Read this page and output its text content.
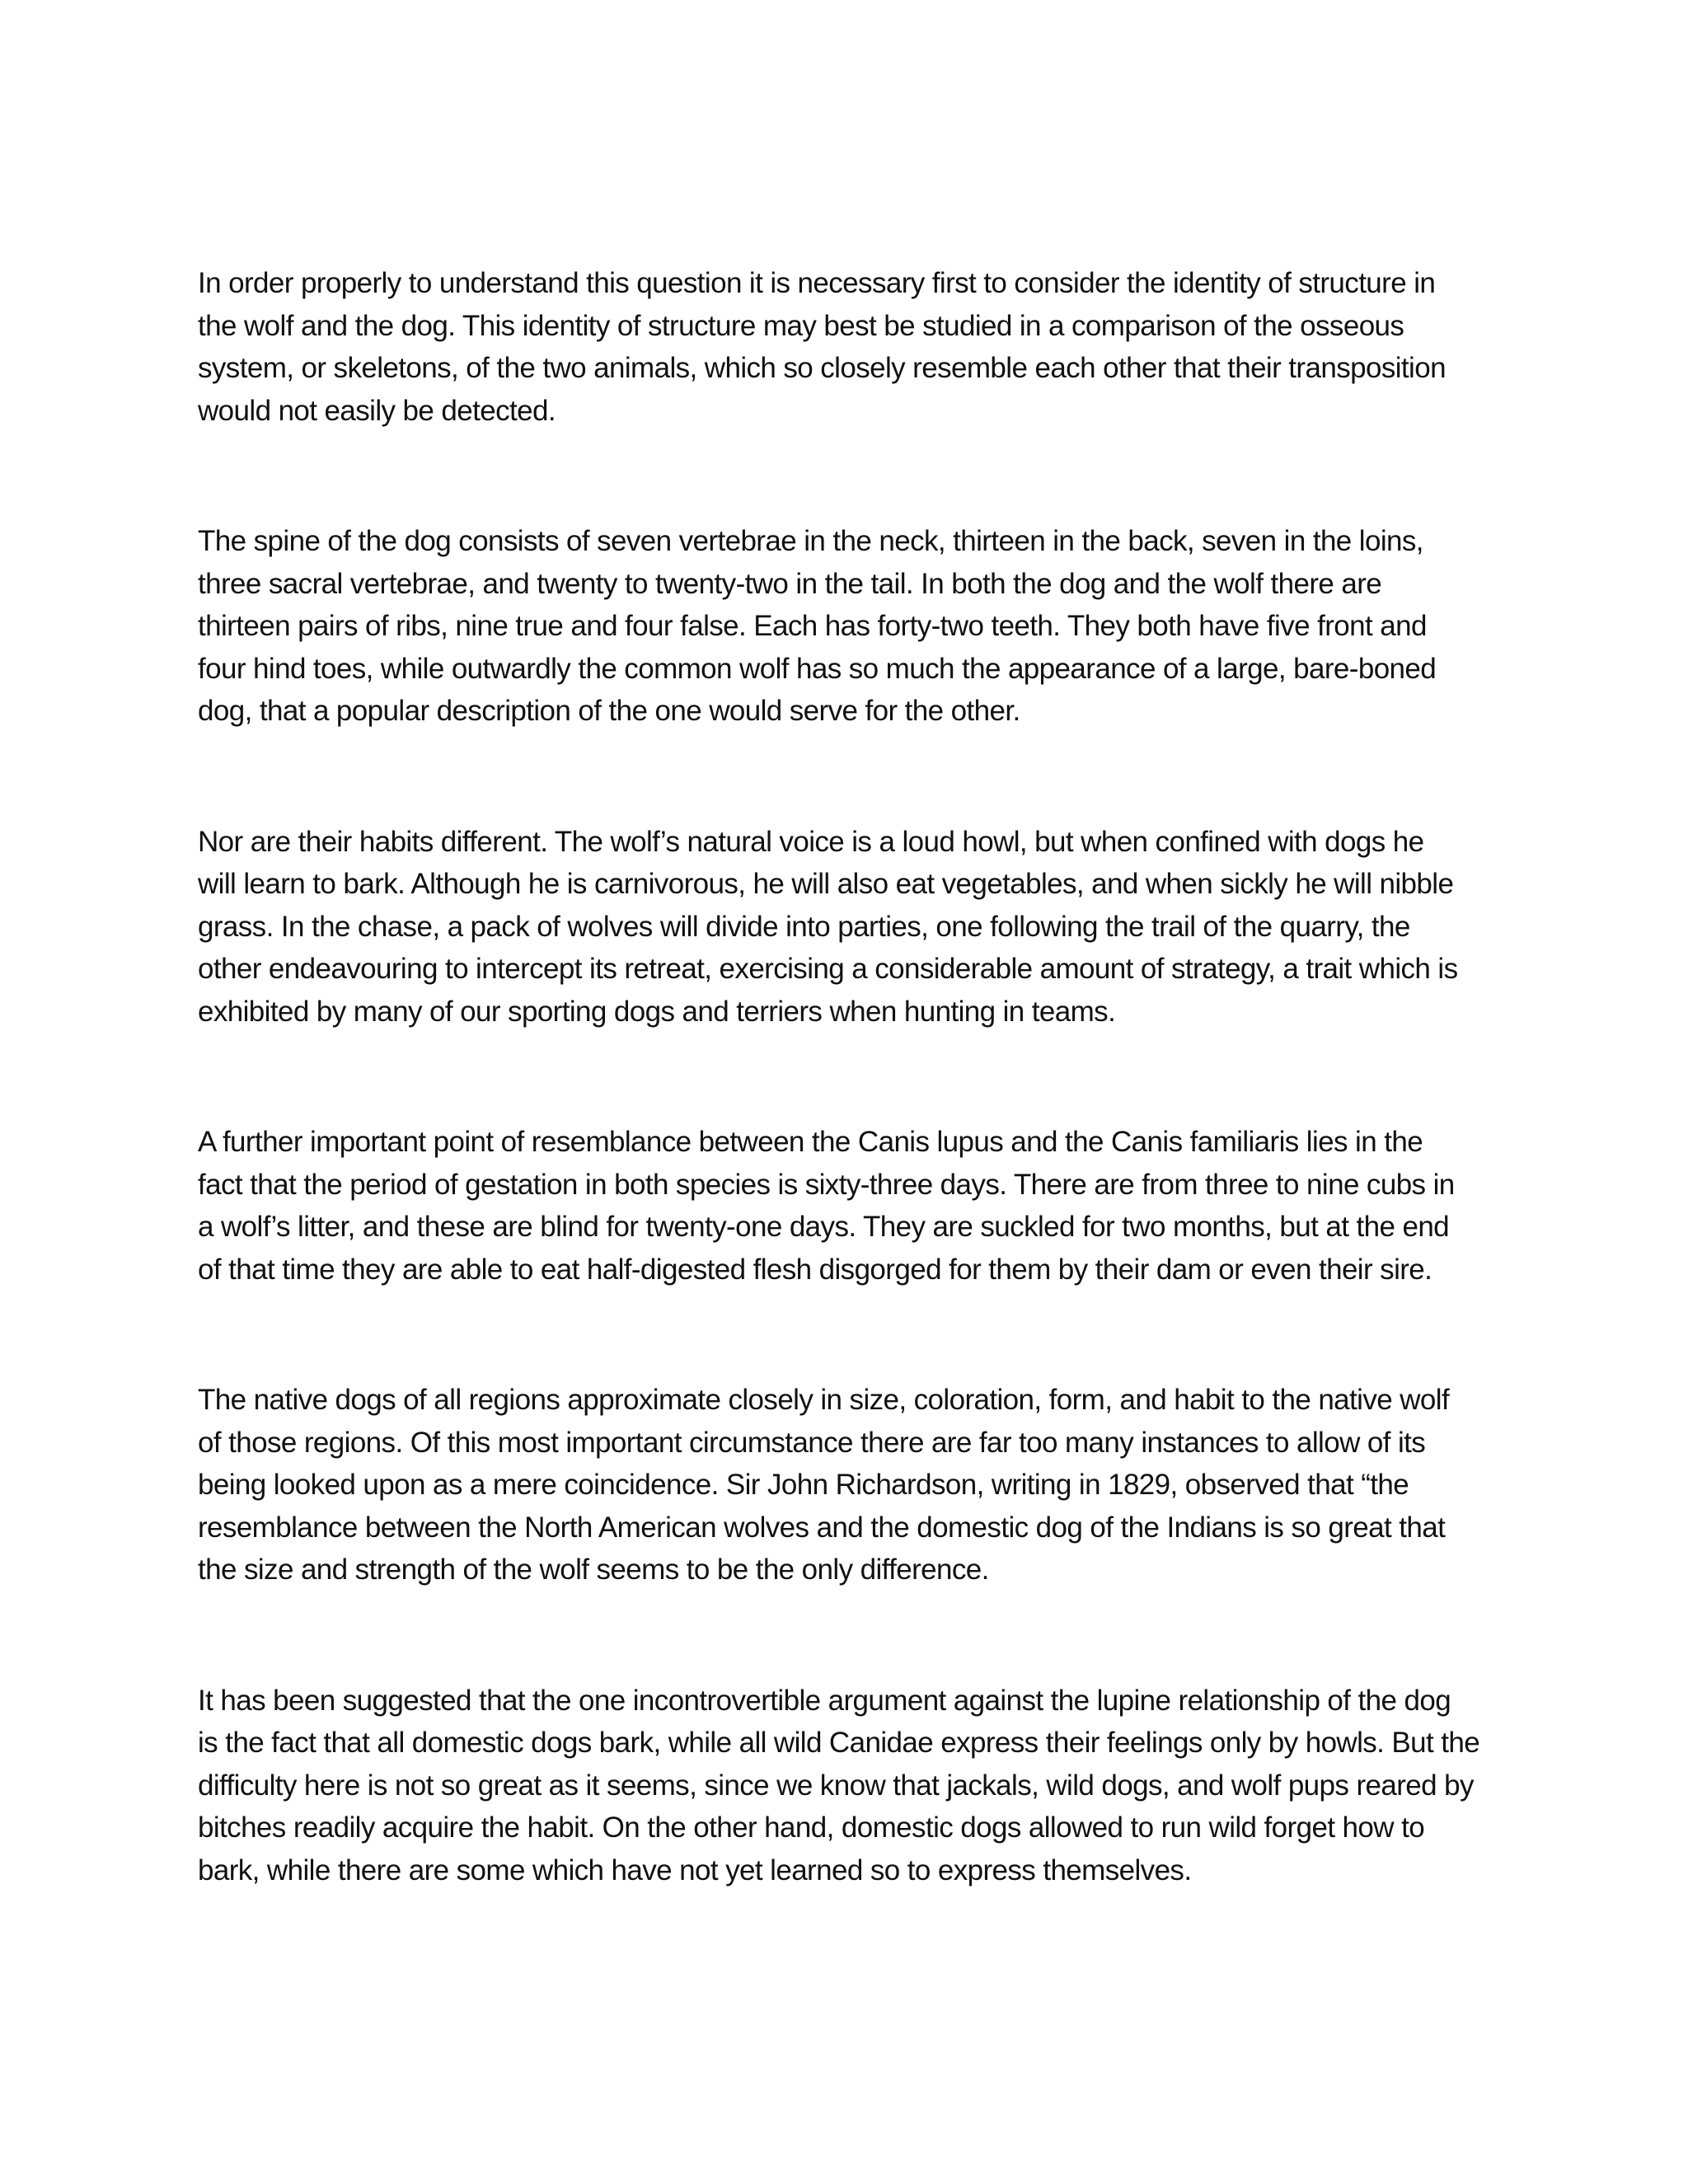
In order properly to understand this question it is necessary first to consider the identity of structure in
the wolf and the dog. This identity of structure may best be studied in a comparison of the osseous
system, or skeletons, of the two animals, which so closely resemble each other that their transposition
would not easily be detected.

The spine of the dog consists of seven vertebrae in the neck, thirteen in the back, seven in the loins,
three sacral vertebrae, and twenty to twenty-two in the tail. In both the dog and the wolf there are
thirteen pairs of ribs, nine true and four false. Each has forty-two teeth. They both have five front and
four hind toes, while outwardly the common wolf has so much the appearance of a large, bare-boned
dog, that a popular description of the one would serve for the other.

Nor are their habits different. The wolf’s natural voice is a loud howl, but when confined with dogs he
will learn to bark. Although he is carnivorous, he will also eat vegetables, and when sickly he will nibble
grass. In the chase, a pack of wolves will divide into parties, one following the trail of the quarry, the
other endeavouring to intercept its retreat, exercising a considerable amount of strategy, a trait which is
exhibited by many of our sporting dogs and terriers when hunting in teams.

A further important point of resemblance between the Canis lupus and the Canis familiaris lies in the
fact that the period of gestation in both species is sixty-three days. There are from three to nine cubs in
a wolf’s litter, and these are blind for twenty-one days. They are suckled for two months, but at the end
of that time they are able to eat half-digested flesh disgorged for them by their dam or even their sire.

The native dogs of all regions approximate closely in size, coloration, form, and habit to the native wolf
of those regions. Of this most important circumstance there are far too many instances to allow of its
being looked upon as a mere coincidence. Sir John Richardson, writing in 1829, observed that “the
resemblance between the North American wolves and the domestic dog of the Indians is so great that
the size and strength of the wolf seems to be the only difference.

It has been suggested that the one incontrovertible argument against the lupine relationship of the dog
is the fact that all domestic dogs bark, while all wild Canidae express their feelings only by howls. But the
difficulty here is not so great as it seems, since we know that jackals, wild dogs, and wolf pups reared by
bitches readily acquire the habit. On the other hand, domestic dogs allowed to run wild forget how to
bark, while there are some which have not yet learned so to express themselves.
